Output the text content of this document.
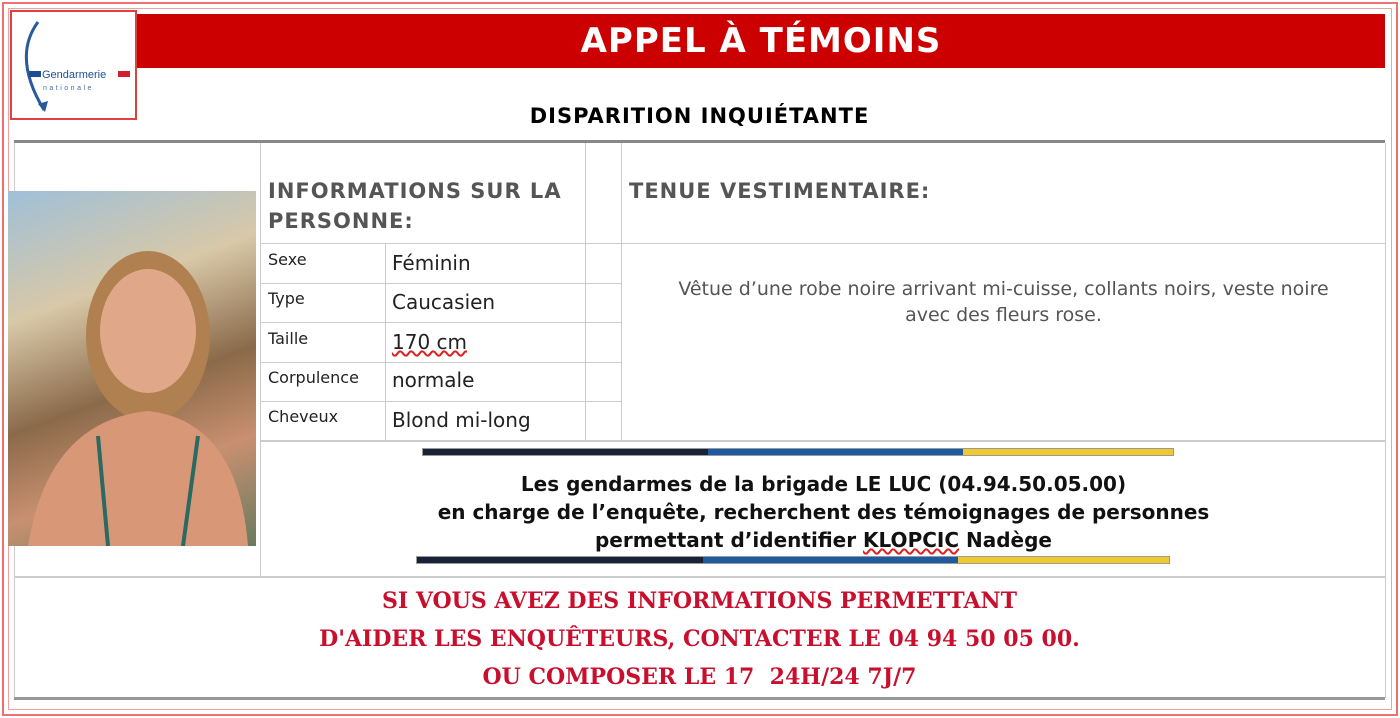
Gendarmerie
nationale
APPEL À TÉMOINS
DISPARITION INQUIÉTANTE
INFORMATIONS SUR LA PERSONNE:
TENUE VESTIMENTAIRE:
Sexe	Féminin
Type	Caucasien
Taille	170 cm
Corpulence normale
Cheveux	Blond mi-long
Vêtue d’une robe noire arrivant mi-cuisse, collants noirs, veste noire avec des fleurs rose.
Les gendarmes de la brigade LE LUC (04.94.50.05.00)
en charge de l’enquête, recherchent des témoignages de personnes
permettant d’identifier KLOPCIC Nadège
SI VOUS AVEZ DES INFORMATIONS PERMETTANT
D'AIDER LES ENQUÊTEURS, CONTACTER LE 04 94 50 05 00.
OU COMPOSER LE 17  24H/24 7J/7
